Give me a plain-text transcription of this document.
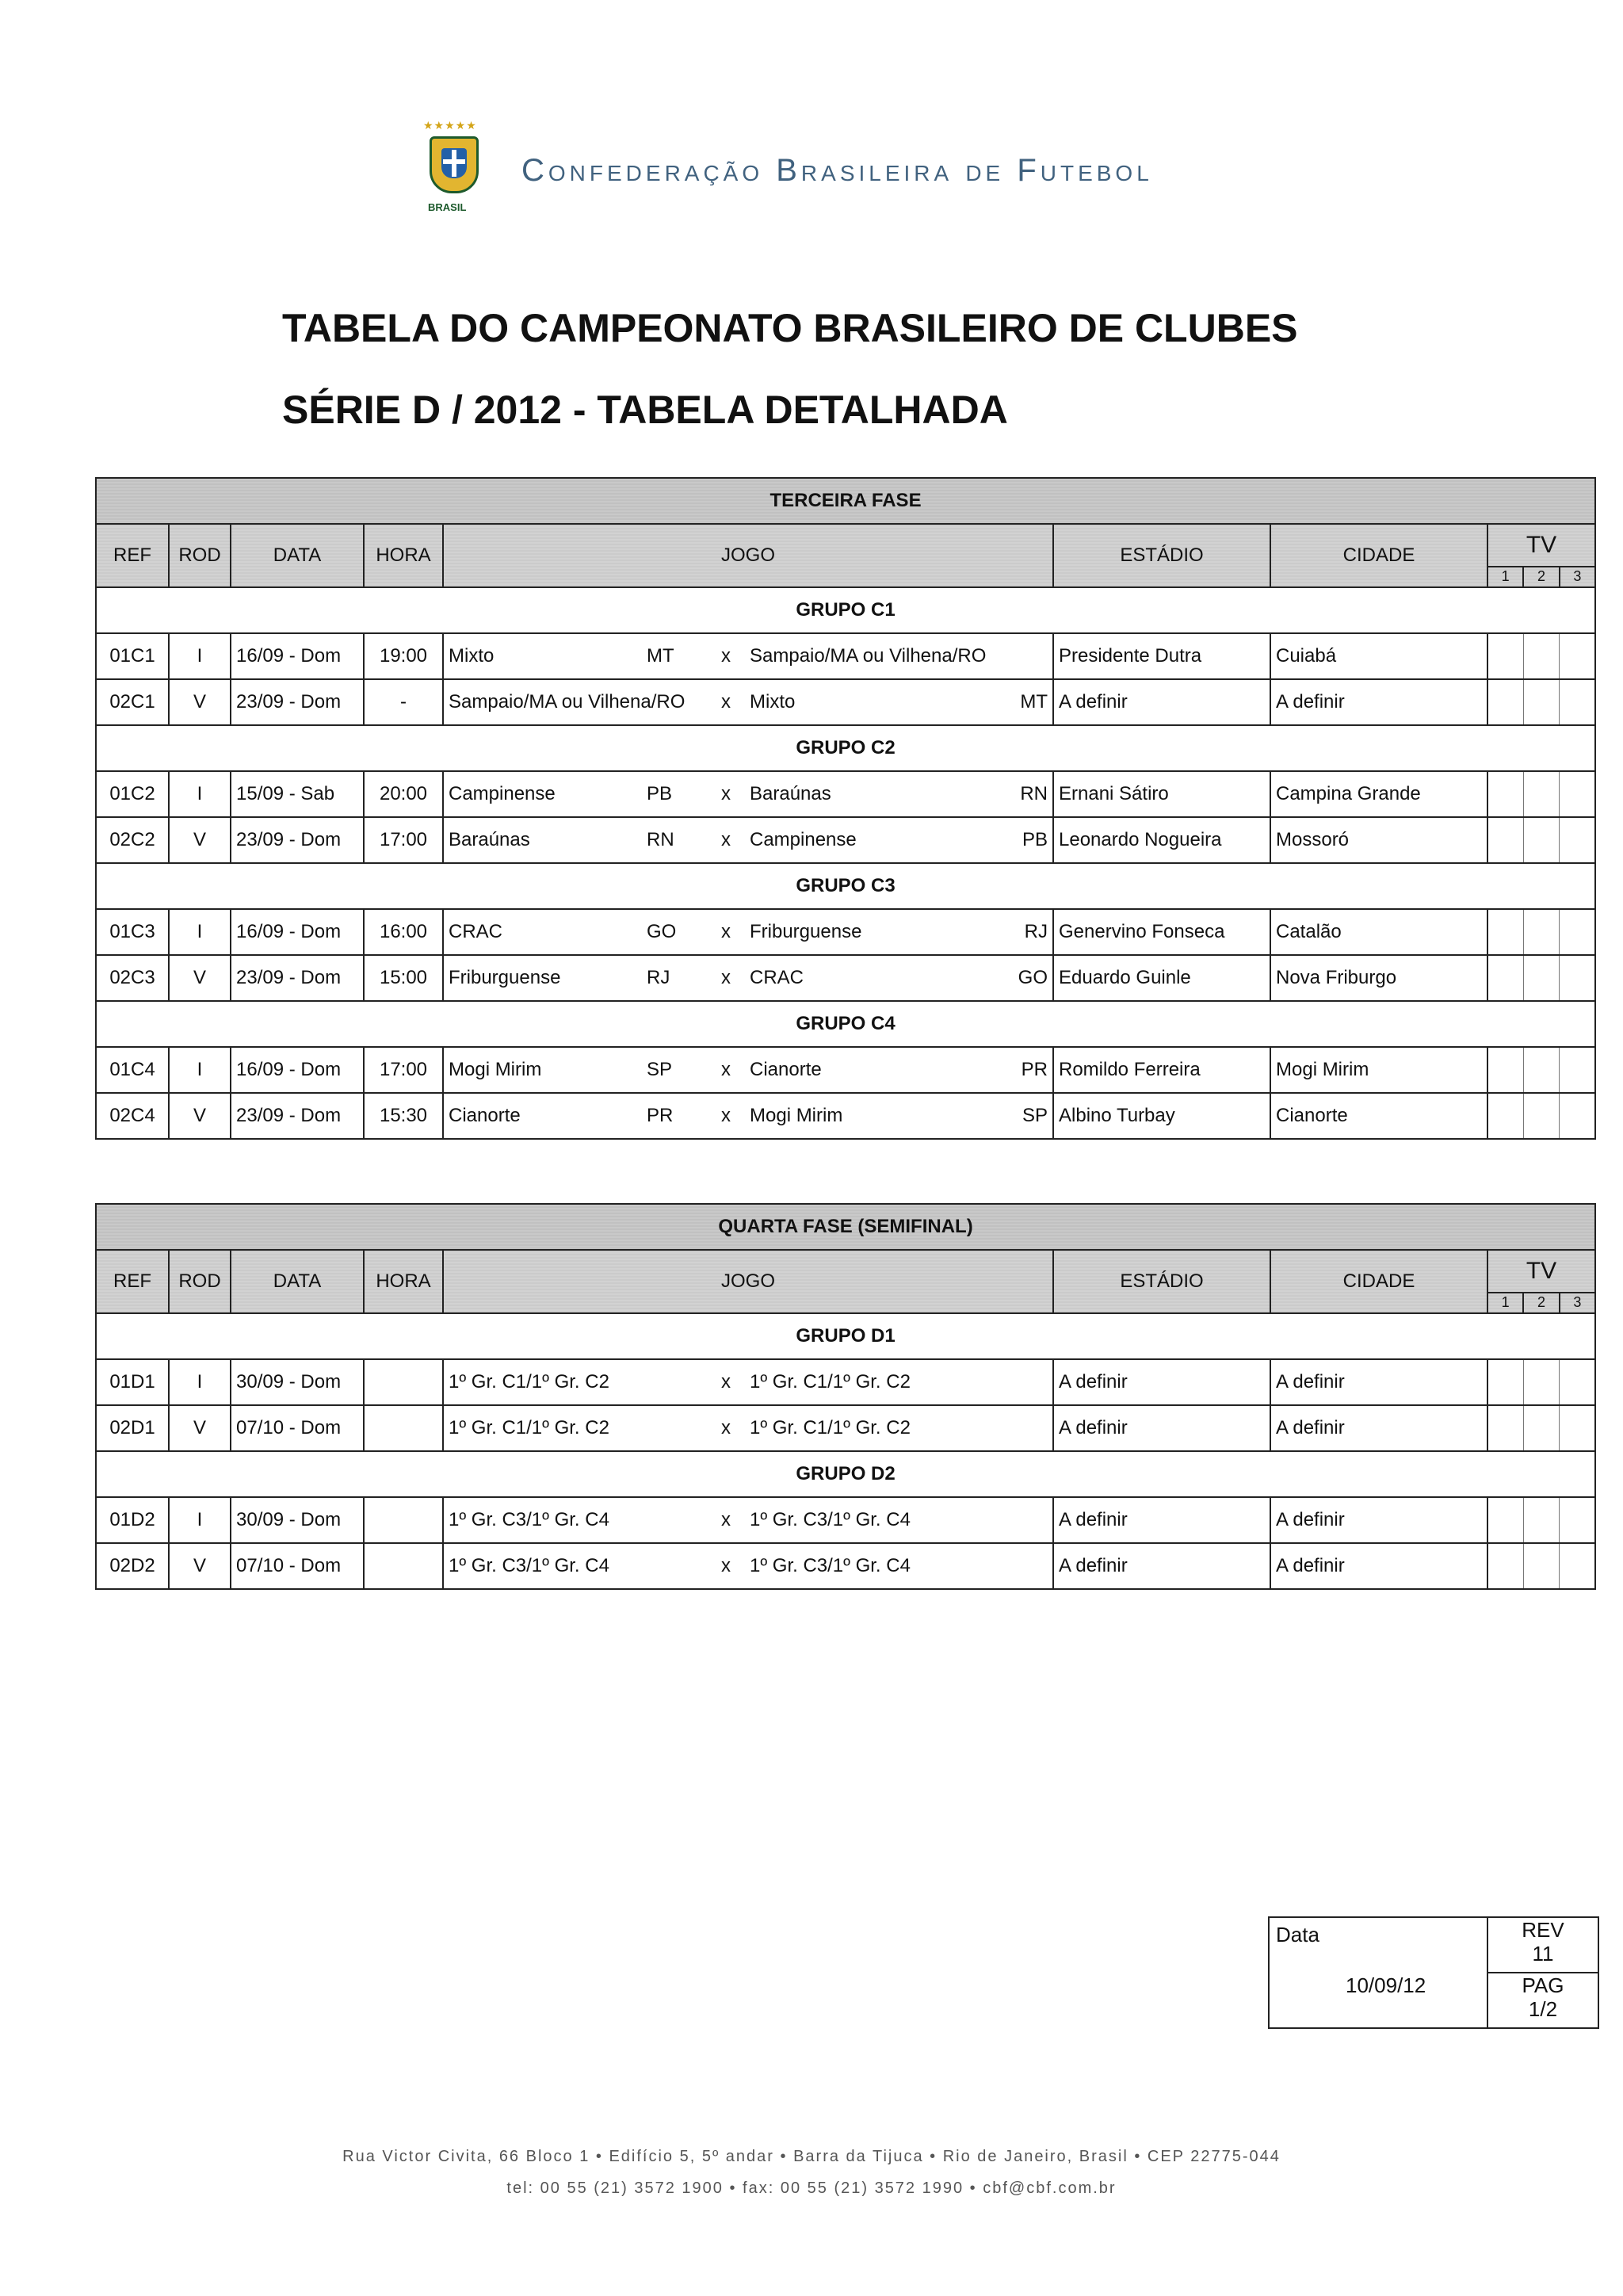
★★★★★
BRASIL
Confederação Brasileira de Futebol
TABELA DO CAMPEONATO BRASILEIRO DE CLUBES
SÉRIE D / 2012 - TABELA DETALHADA
TERCEIRA FASE							
REF	ROD	DATA	HORA	JOGO	ESTÁDIO	CIDADE	TV
1 2 3

GRUPO C1							
01C1	I	16/09 - Dom	19:00	Mixto MT x Sampaio/MA ou Vilhena/RO	Presidente Dutra	Cuiabá	

02C1	V	23/09 - Dom	-	Sampaio/MA ou Vilhena/RO x Mixto MT	A definir	A definir	

GRUPO C2							
01C2	I	15/09 - Sab	20:00	Campinense PB x Baraúnas RN	Ernani Sátiro	Campina Grande	

02C2	V	23/09 - Dom	17:00	Baraúnas RN x Campinense PB	Leonardo Nogueira	Mossoró	

GRUPO C3							
01C3	I	16/09 - Dom	16:00	CRAC GO x Friburguense RJ	Genervino Fonseca	Catalão	

02C3	V	23/09 - Dom	15:00	Friburguense RJ x CRAC GO	Eduardo Guinle	Nova Friburgo	

GRUPO C4							
01C4	I	16/09 - Dom	17:00	Mogi Mirim SP x Cianorte PR	Romildo Ferreira	Mogi Mirim	

02C4	V	23/09 - Dom	15:30	Cianorte PR x Mogi Mirim SP	Albino Turbay	Cianorte	
QUARTA FASE (SEMIFINAL)							
REF	ROD	DATA	HORA	JOGO	ESTÁDIO	CIDADE	TV
1 2 3

GRUPO D1							
01D1	I	30/09 - Dom		1º Gr. C1/1º Gr. C2 x 1º Gr. C1/1º Gr. C2	A definir	A definir	

02D1	V	07/10 - Dom		1º Gr. C1/1º Gr. C2 x 1º Gr. C1/1º Gr. C2	A definir	A definir	

GRUPO D2							
01D2	I	30/09 - Dom		1º Gr. C3/1º Gr. C4 x 1º Gr. C3/1º Gr. C4	A definir	A definir	

02D2	V	07/10 - Dom		1º Gr. C3/1º Gr. C4 x 1º Gr. C3/1º Gr. C4	A definir	A definir	
Data
10/09/12
REV
11
PAG
1/2
Rua Victor Civita, 66 Bloco 1 • Edifício 5, 5º andar • Barra da Tijuca • Rio de Janeiro, Brasil • CEP 22775-044
tel: 00 55 (21) 3572 1900 • fax: 00 55 (21) 3572 1990 • cbf@cbf.com.br
